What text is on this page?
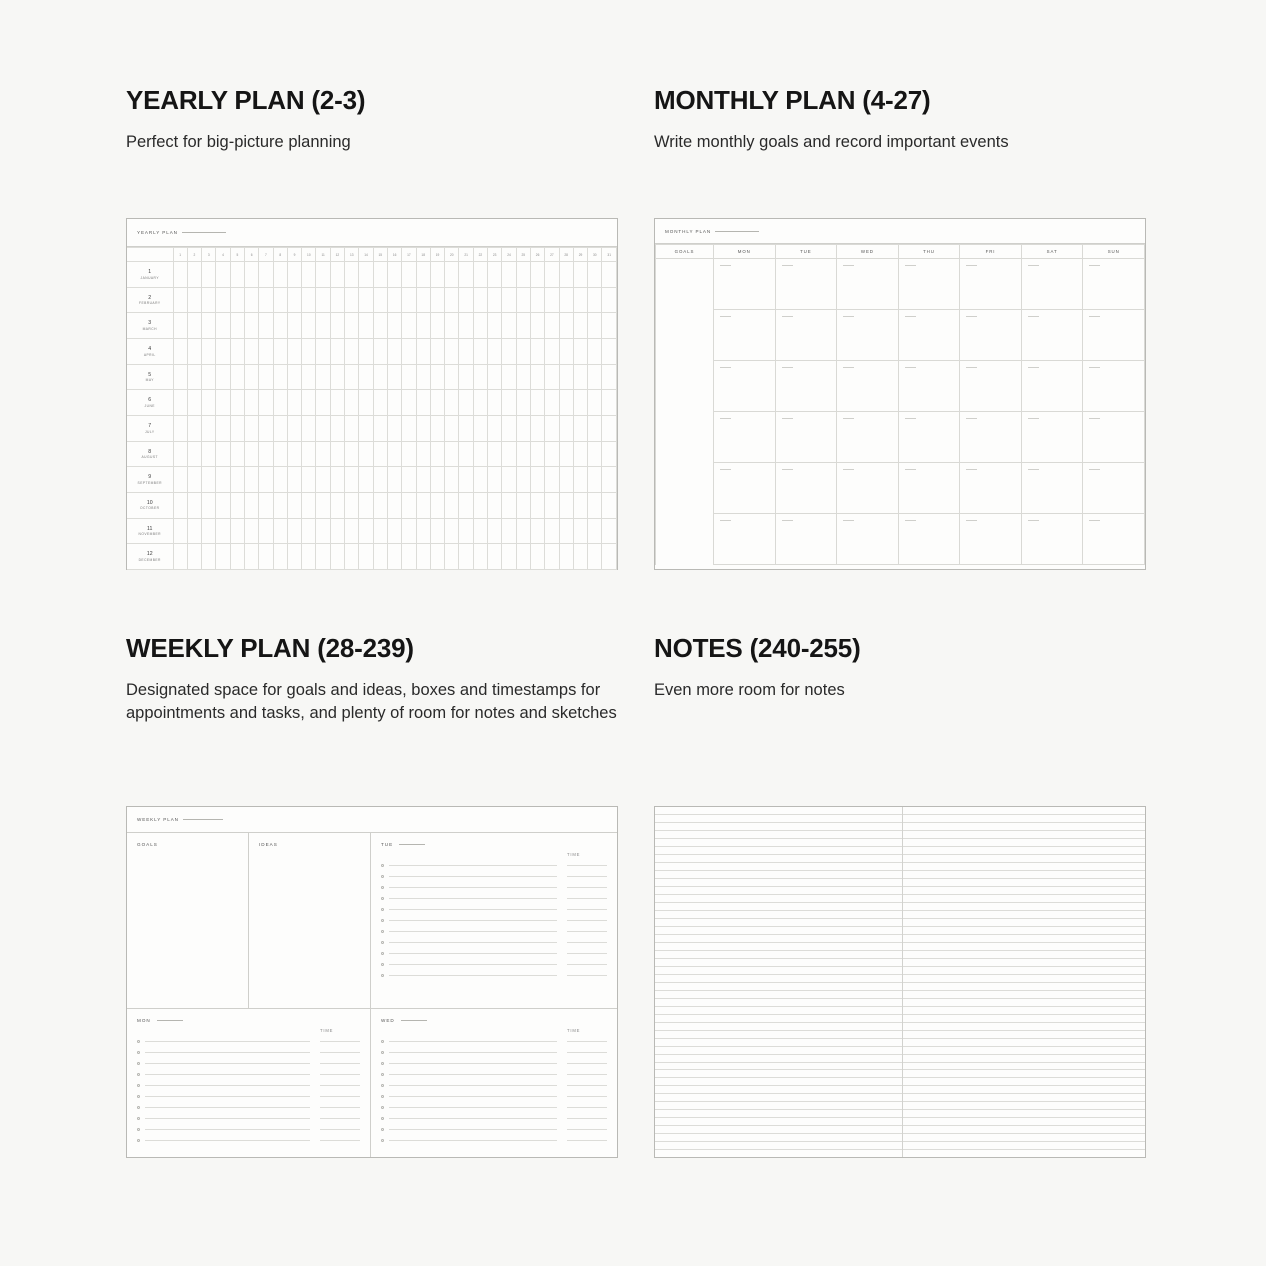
YEARLY PLAN (2-3)

Perfect for big-picture planning

YEARLY PLAN

	1	2	3	4	5	6	7	8	9	10	11	12	13	14	15	16	17	18	19	20	21	22	23	24	25	26	27	28	29	30	31

1
JANUARY																															

2
FEBRUARY																															

3
MARCH																															

4
APRIL																															

5
MAY																															

6
JUNE																															

7
JULY																															

8
AUGUST																															

9
SEPTEMBER																															

10
OCTOBER																															

11
NOVEMBER																															

12
DECEMBER																															

MONTHLY PLAN (4-27)

Write monthly goals and record important events

MONTHLY PLAN
GOALS	MON	TUE	WED	THU	FRI	SAT	SUN

WEEKLY PLAN (28-239)

Designated space for goals and ideas, boxes and timestamps for appointments and tasks, and plenty of room for notes and sketches

WEEKLY PLAN
GOALS	IDEAS	TUE
TIME
MON
TIME
WED
TIME
NOTES (240-255)

Even more room for notes
